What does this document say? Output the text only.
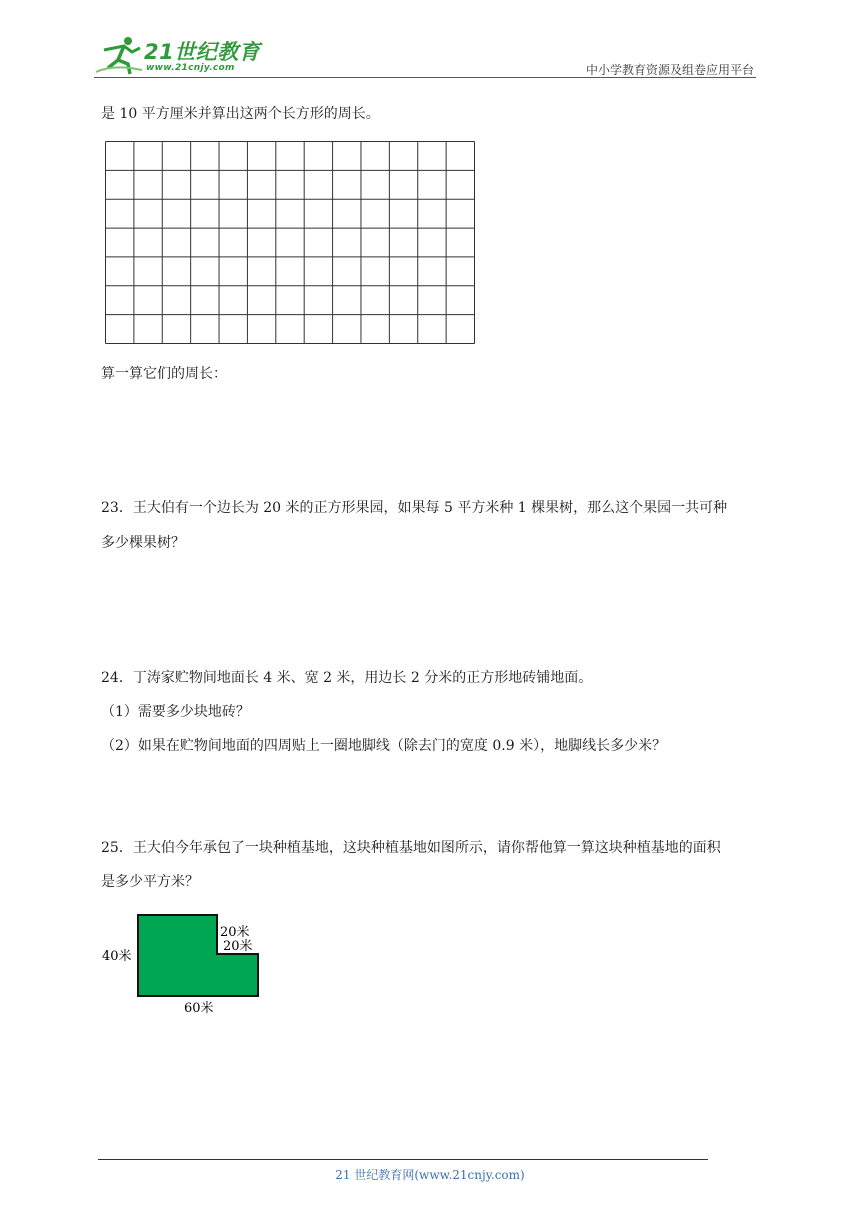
21世纪教育
www.21cnjy.com	中小学教育资源及组卷应用平台
是 10 平方厘米并算出这两个长方形的周长。
算一算它们的周长：
23．王大伯有一个边长为 20 米的正方形果园，如果每 5 平方米种 1 棵果树，那么这个果园一共可种
多少棵果树？
24．丁涛家贮物间地面长 4 米、宽 2 米，用边长 2 分米的正方形地砖铺地面。
（1）需要多少块地砖？
（2）如果在贮物间地面的四周贴上一圈地脚线（除去门的宽度 0.9 米），地脚线长多少米？
25．王大伯今年承包了一块种植基地，这块种植基地如图所示，请你帮他算一算这块种植基地的面积
是多少平方米？
40米
20米
20米
60米
21 世纪教育网(www.21cnjy.com)
